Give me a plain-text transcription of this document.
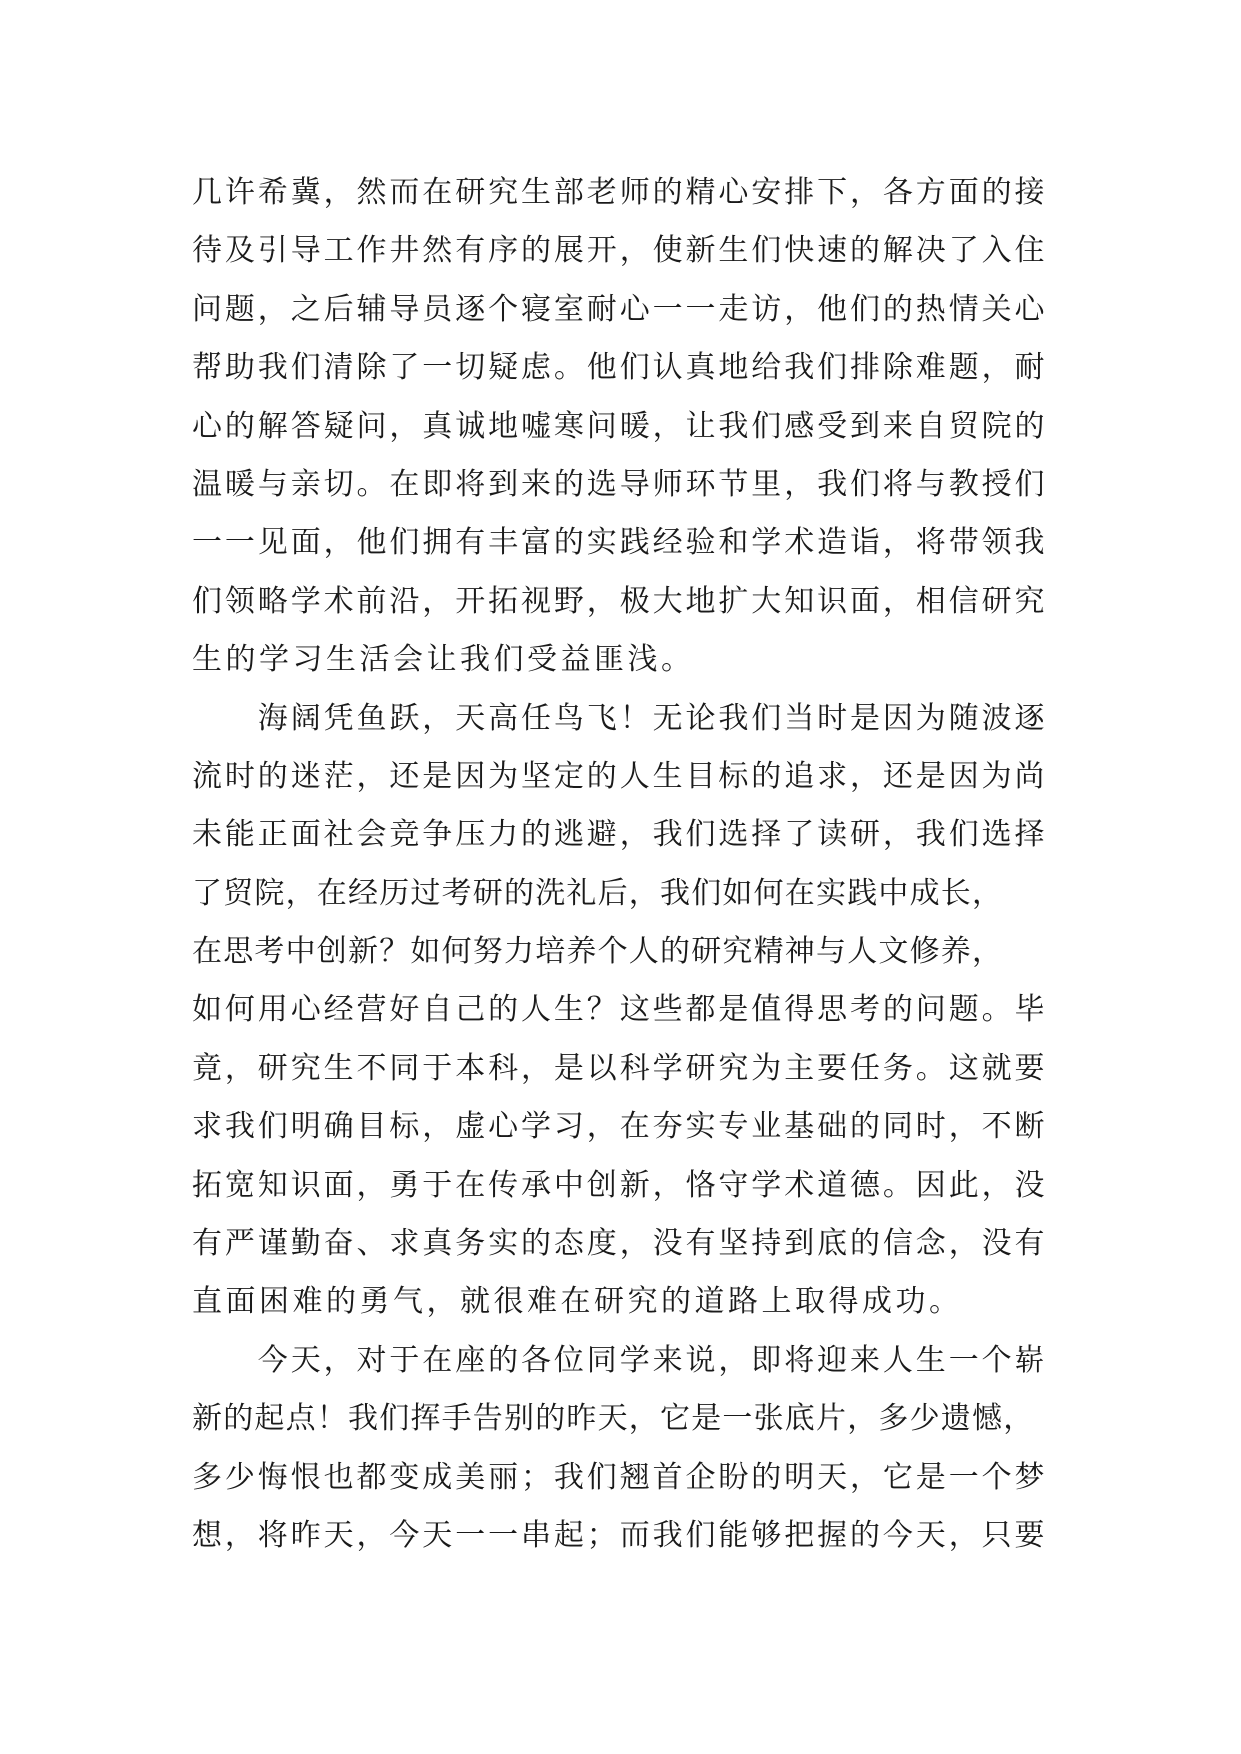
几许希冀，然而在研究生部老师的精心安排下，各方面的接
待及引导工作井然有序的展开，使新生们快速的解决了入住
问题，之后辅导员逐个寝室耐心一一走访，他们的热情关心
帮助我们清除了一切疑虑。他们认真地给我们排除难题，耐
心的解答疑问，真诚地嘘寒问暖，让我们感受到来自贸院的
温暖与亲切。在即将到来的选导师环节里，我们将与教授们
一一见面，他们拥有丰富的实践经验和学术造诣，将带领我
们领略学术前沿，开拓视野，极大地扩大知识面，相信研究
生的学习生活会让我们受益匪浅。
　　海阔凭鱼跃，天高任鸟飞！无论我们当时是因为随波逐
流时的迷茫，还是因为坚定的人生目标的追求，还是因为尚
未能正面社会竞争压力的逃避，我们选择了读研，我们选择
了贸院，在经历过考研的洗礼后，我们如何在实践中成长，
在思考中创新？如何努力培养个人的研究精神与人文修养，
如何用心经营好自己的人生？这些都是值得思考的问题。毕
竟，研究生不同于本科，是以科学研究为主要任务。这就要
求我们明确目标，虚心学习，在夯实专业基础的同时，不断
拓宽知识面，勇于在传承中创新，恪守学术道德。因此，没
有严谨勤奋、求真务实的态度，没有坚持到底的信念，没有
直面困难的勇气，就很难在研究的道路上取得成功。
　　今天，对于在座的各位同学来说，即将迎来人生一个崭
新的起点！我们挥手告别的昨天，它是一张底片，多少遗憾，
多少悔恨也都变成美丽；我们翘首企盼的明天，它是一个梦
想，将昨天，今天一一串起；而我们能够把握的今天，只要
